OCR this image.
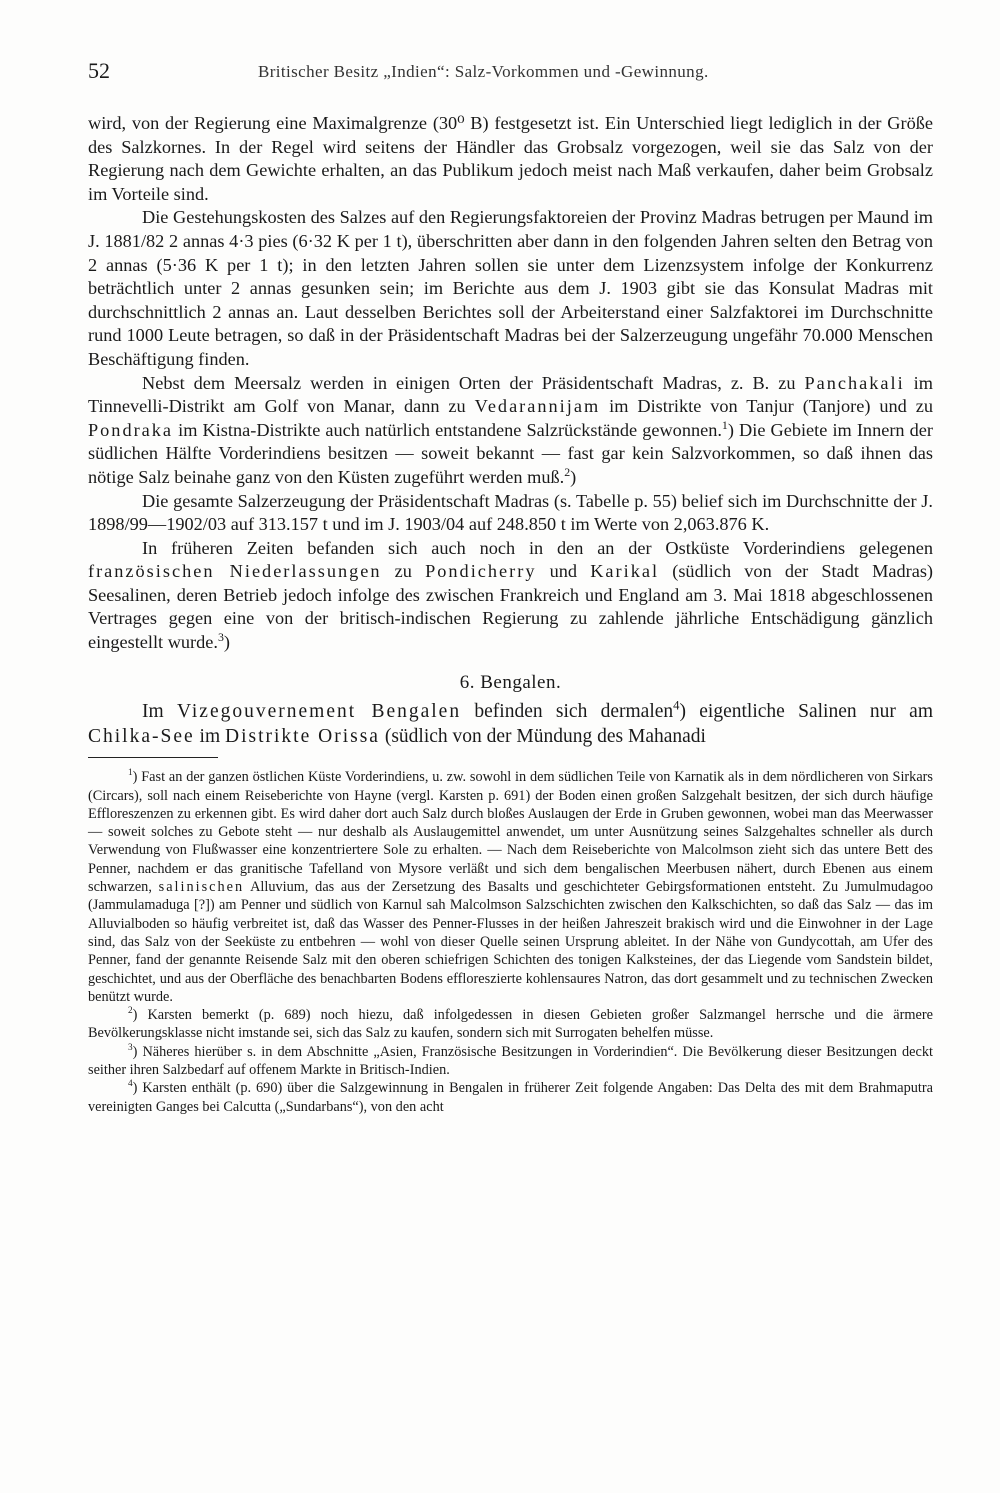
52	Britischer Besitz „Indien“: Salz-Vorkommen und -Gewinnung.

wird, von der Regierung eine Maximalgrenze (30⁰ B) festgesetzt ist. Ein Unterschied liegt lediglich in der Größe des Salzkornes. In der Regel wird seitens der Händler das Grobsalz vorgezogen, weil sie das Salz von der Regierung nach dem Gewichte erhalten, an das Publikum jedoch meist nach Maß verkaufen, daher beim Grobsalz im Vorteile sind.

Die Gestehungskosten des Salzes auf den Regierungsfaktoreien der Provinz Madras betrugen per Maund im J. 1881/82 2 annas 4·3 pies (6·32 K per 1 t), überschritten aber dann in den folgenden Jahren selten den Betrag von 2 annas (5·36 K per 1 t); in den letzten Jahren sollen sie unter dem Lizenzsystem infolge der Konkurrenz beträchtlich unter 2 annas gesunken sein; im Berichte aus dem J. 1903 gibt sie das Konsulat Madras mit durchschnittlich 2 annas an. Laut desselben Berichtes soll der Arbeiterstand einer Salzfaktorei im Durchschnitte rund 1000 Leute betragen, so daß in der Präsidentschaft Madras bei der Salzerzeugung ungefähr 70.000 Menschen Beschäftigung finden.

Nebst dem Meersalz werden in einigen Orten der Präsidentschaft Madras, z. B. zu Panchakali im Tinnevelli-Distrikt am Golf von Manar, dann zu Vedarannijam im Distrikte von Tanjur (Tanjore) und zu Pondraka im Kistna-Distrikte auch natürlich entstandene Salzrückstände gewonnen.$^1$) Die Gebiete im Innern der südlichen Hälfte Vorderindiens besitzen — soweit bekannt — fast gar kein Salzvorkommen, so daß ihnen das nötige Salz beinahe ganz von den Küsten zugeführt werden muß.$^2$)

Die gesamte Salzerzeugung der Präsidentschaft Madras (s. Tabelle p. 55) belief sich im Durchschnitte der J. 1898/99—1902/03 auf 313.157 t und im J. 1903/04 auf 248.850 t im Werte von 2,063.876 K.

In früheren Zeiten befanden sich auch noch in den an der Ostküste Vorderindiens gelegenen französischen Niederlassungen zu Pondicherry und Karikal (südlich von der Stadt Madras) Seesalinen, deren Betrieb jedoch infolge des zwischen Frankreich und England am 3. Mai 1818 abgeschlossenen Vertrages gegen eine von der britisch-indischen Regierung zu zahlende jährliche Entschädigung gänzlich eingestellt wurde.$^3$)

6. Bengalen.

Im Vizegouvernement Bengalen befinden sich dermalen$^4$) eigentliche Salinen nur am Chilka-See im Distrikte Orissa (südlich von der Mündung des Mahanadi

$^1$) Fast an der ganzen östlichen Küste Vorderindiens, u. zw. sowohl in dem südlichen Teile von Karnatik als in dem nördlicheren von Sirkars (Circars), soll nach einem Reiseberichte von Hayne (vergl. Karsten p. 691) der Boden einen großen Salzgehalt besitzen, der sich durch häufige Effloreszenzen zu erkennen gibt. Es wird daher dort auch Salz durch bloßes Auslaugen der Erde in Gruben gewonnen, wobei man das Meerwasser — soweit solches zu Gebote steht — nur deshalb als Auslaugemittel anwendet, um unter Ausnützung seines Salzgehaltes schneller als durch Verwendung von Flußwasser eine konzentriertere Sole zu erhalten. — Nach dem Reiseberichte von Malcolmson zieht sich das untere Bett des Penner, nachdem er das granitische Tafelland von Mysore verläßt und sich dem bengalischen Meerbusen nähert, durch Ebenen aus einem schwarzen, salinischen Alluvium, das aus der Zersetzung des Basalts und geschichteter Gebirgsformationen entsteht. Zu Jumulmudagoo (Jammulamaduga [?]) am Penner und südlich von Karnul sah Malcolmson Salzschichten zwischen den Kalkschichten, so daß das Salz — das im Alluvialboden so häufig verbreitet ist, daß das Wasser des Penner-Flusses in der heißen Jahreszeit brakisch wird und die Einwohner in der Lage sind, das Salz von der Seeküste zu entbehren — wohl von dieser Quelle seinen Ursprung ableitet. In der Nähe von Gundycottah, am Ufer des Penner, fand der genannte Reisende Salz mit den oberen schiefrigen Schichten des tonigen Kalksteines, der das Liegende vom Sandstein bildet, geschichtet, und aus der Oberfläche des benachbarten Bodens effloreszierte kohlensaures Natron, das dort gesammelt und zu technischen Zwecken benützt wurde.

$^2$) Karsten bemerkt (p. 689) noch hiezu, daß infolgedessen in diesen Gebieten großer Salzmangel herrsche und die ärmere Bevölkerungsklasse nicht imstande sei, sich das Salz zu kaufen, sondern sich mit Surrogaten behelfen müsse.

$^3$) Näheres hierüber s. in dem Abschnitte „Asien, Französische Besitzungen in Vorderindien“. Die Bevölkerung dieser Besitzungen deckt seither ihren Salzbedarf auf offenem Markte in Britisch-Indien.

$^4$) Karsten enthält (p. 690) über die Salzgewinnung in Bengalen in früherer Zeit folgende Angaben: Das Delta des mit dem Brahmaputra vereinigten Ganges bei Calcutta („Sundarbans“), von den acht
